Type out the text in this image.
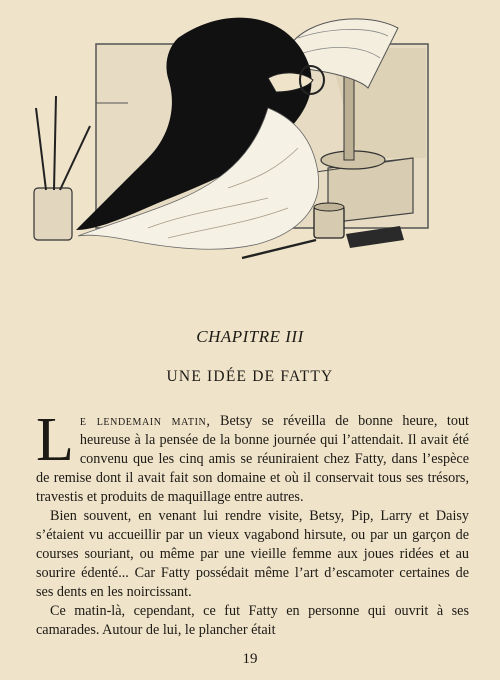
CHAPITRE III
UNE IDÉE DE FATTY

Le lendemain matin, Betsy se réveilla de bonne heure, tout heureuse à la pensée de la bonne journée qui l’attendait. Il avait été convenu que les cinq amis se réuniraient chez Fatty, dans l’espèce de remise dont il avait fait son domaine et où il conservait tous ses trésors, travestis et produits de maquillage entre autres.

Bien souvent, en venant lui rendre visite, Betsy, Pip, Larry et Daisy s’étaient vu accueillir par un vieux vagabond hirsute, ou par un garçon de courses souriant, ou même par une vieille femme aux joues ridées et au sourire édenté... Car Fatty possédait même l’art d’escamoter certaines de ses dents en les noircissant.

Ce matin-là, cependant, ce fut Fatty en personne qui ouvrit à ses camarades. Autour de lui, le plancher était

19
